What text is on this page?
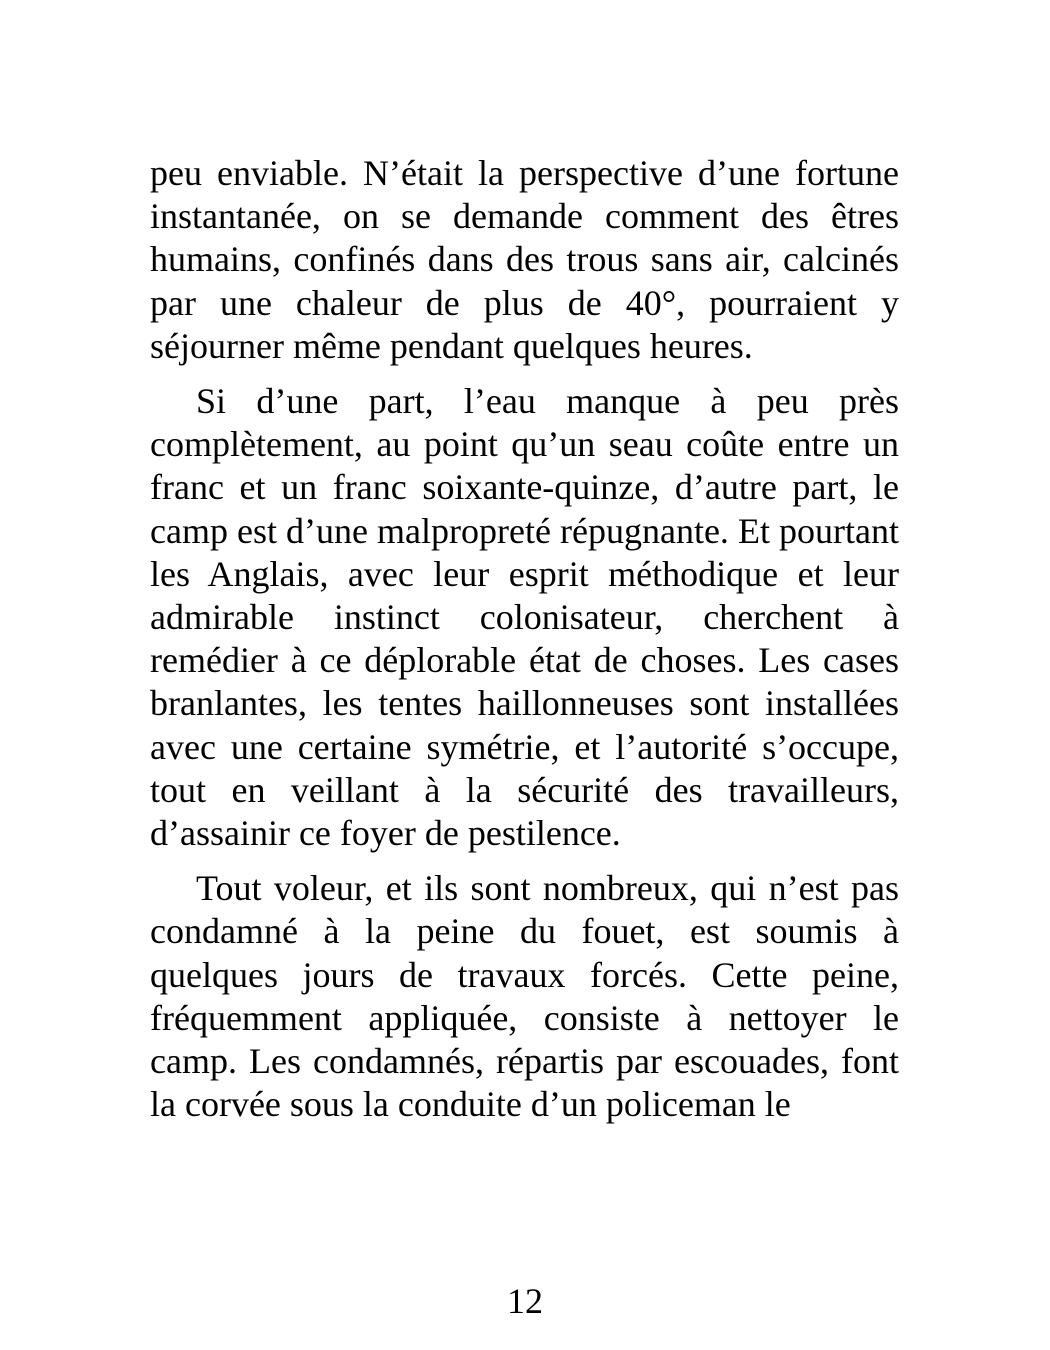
peu enviable. N’était la perspective d’une fortune instantanée, on se demande comment des êtres humains, confinés dans des trous sans air, calcinés par une chaleur de plus de 40°, pourraient y séjourner même pendant quelques heures.

Si d’une part, l’eau manque à peu près complètement, au point qu’un seau coûte entre un franc et un franc soixante-quinze, d’autre part, le camp est d’une malpropreté répugnante. Et pourtant les Anglais, avec leur esprit méthodique et leur admirable instinct colonisateur, cherchent à remédier à ce déplorable état de choses. Les cases branlantes, les tentes haillonneuses sont installées avec une certaine symétrie, et l’autorité s’occupe, tout en veillant à la sécurité des travailleurs, d’assainir ce foyer de pestilence.

Tout voleur, et ils sont nombreux, qui n’est pas condamné à la peine du fouet, est soumis à quelques jours de travaux forcés. Cette peine, fréquemment appliquée, consiste à nettoyer le camp. Les condamnés, répartis par escouades, font la corvée sous la conduite d’un policeman le

12
